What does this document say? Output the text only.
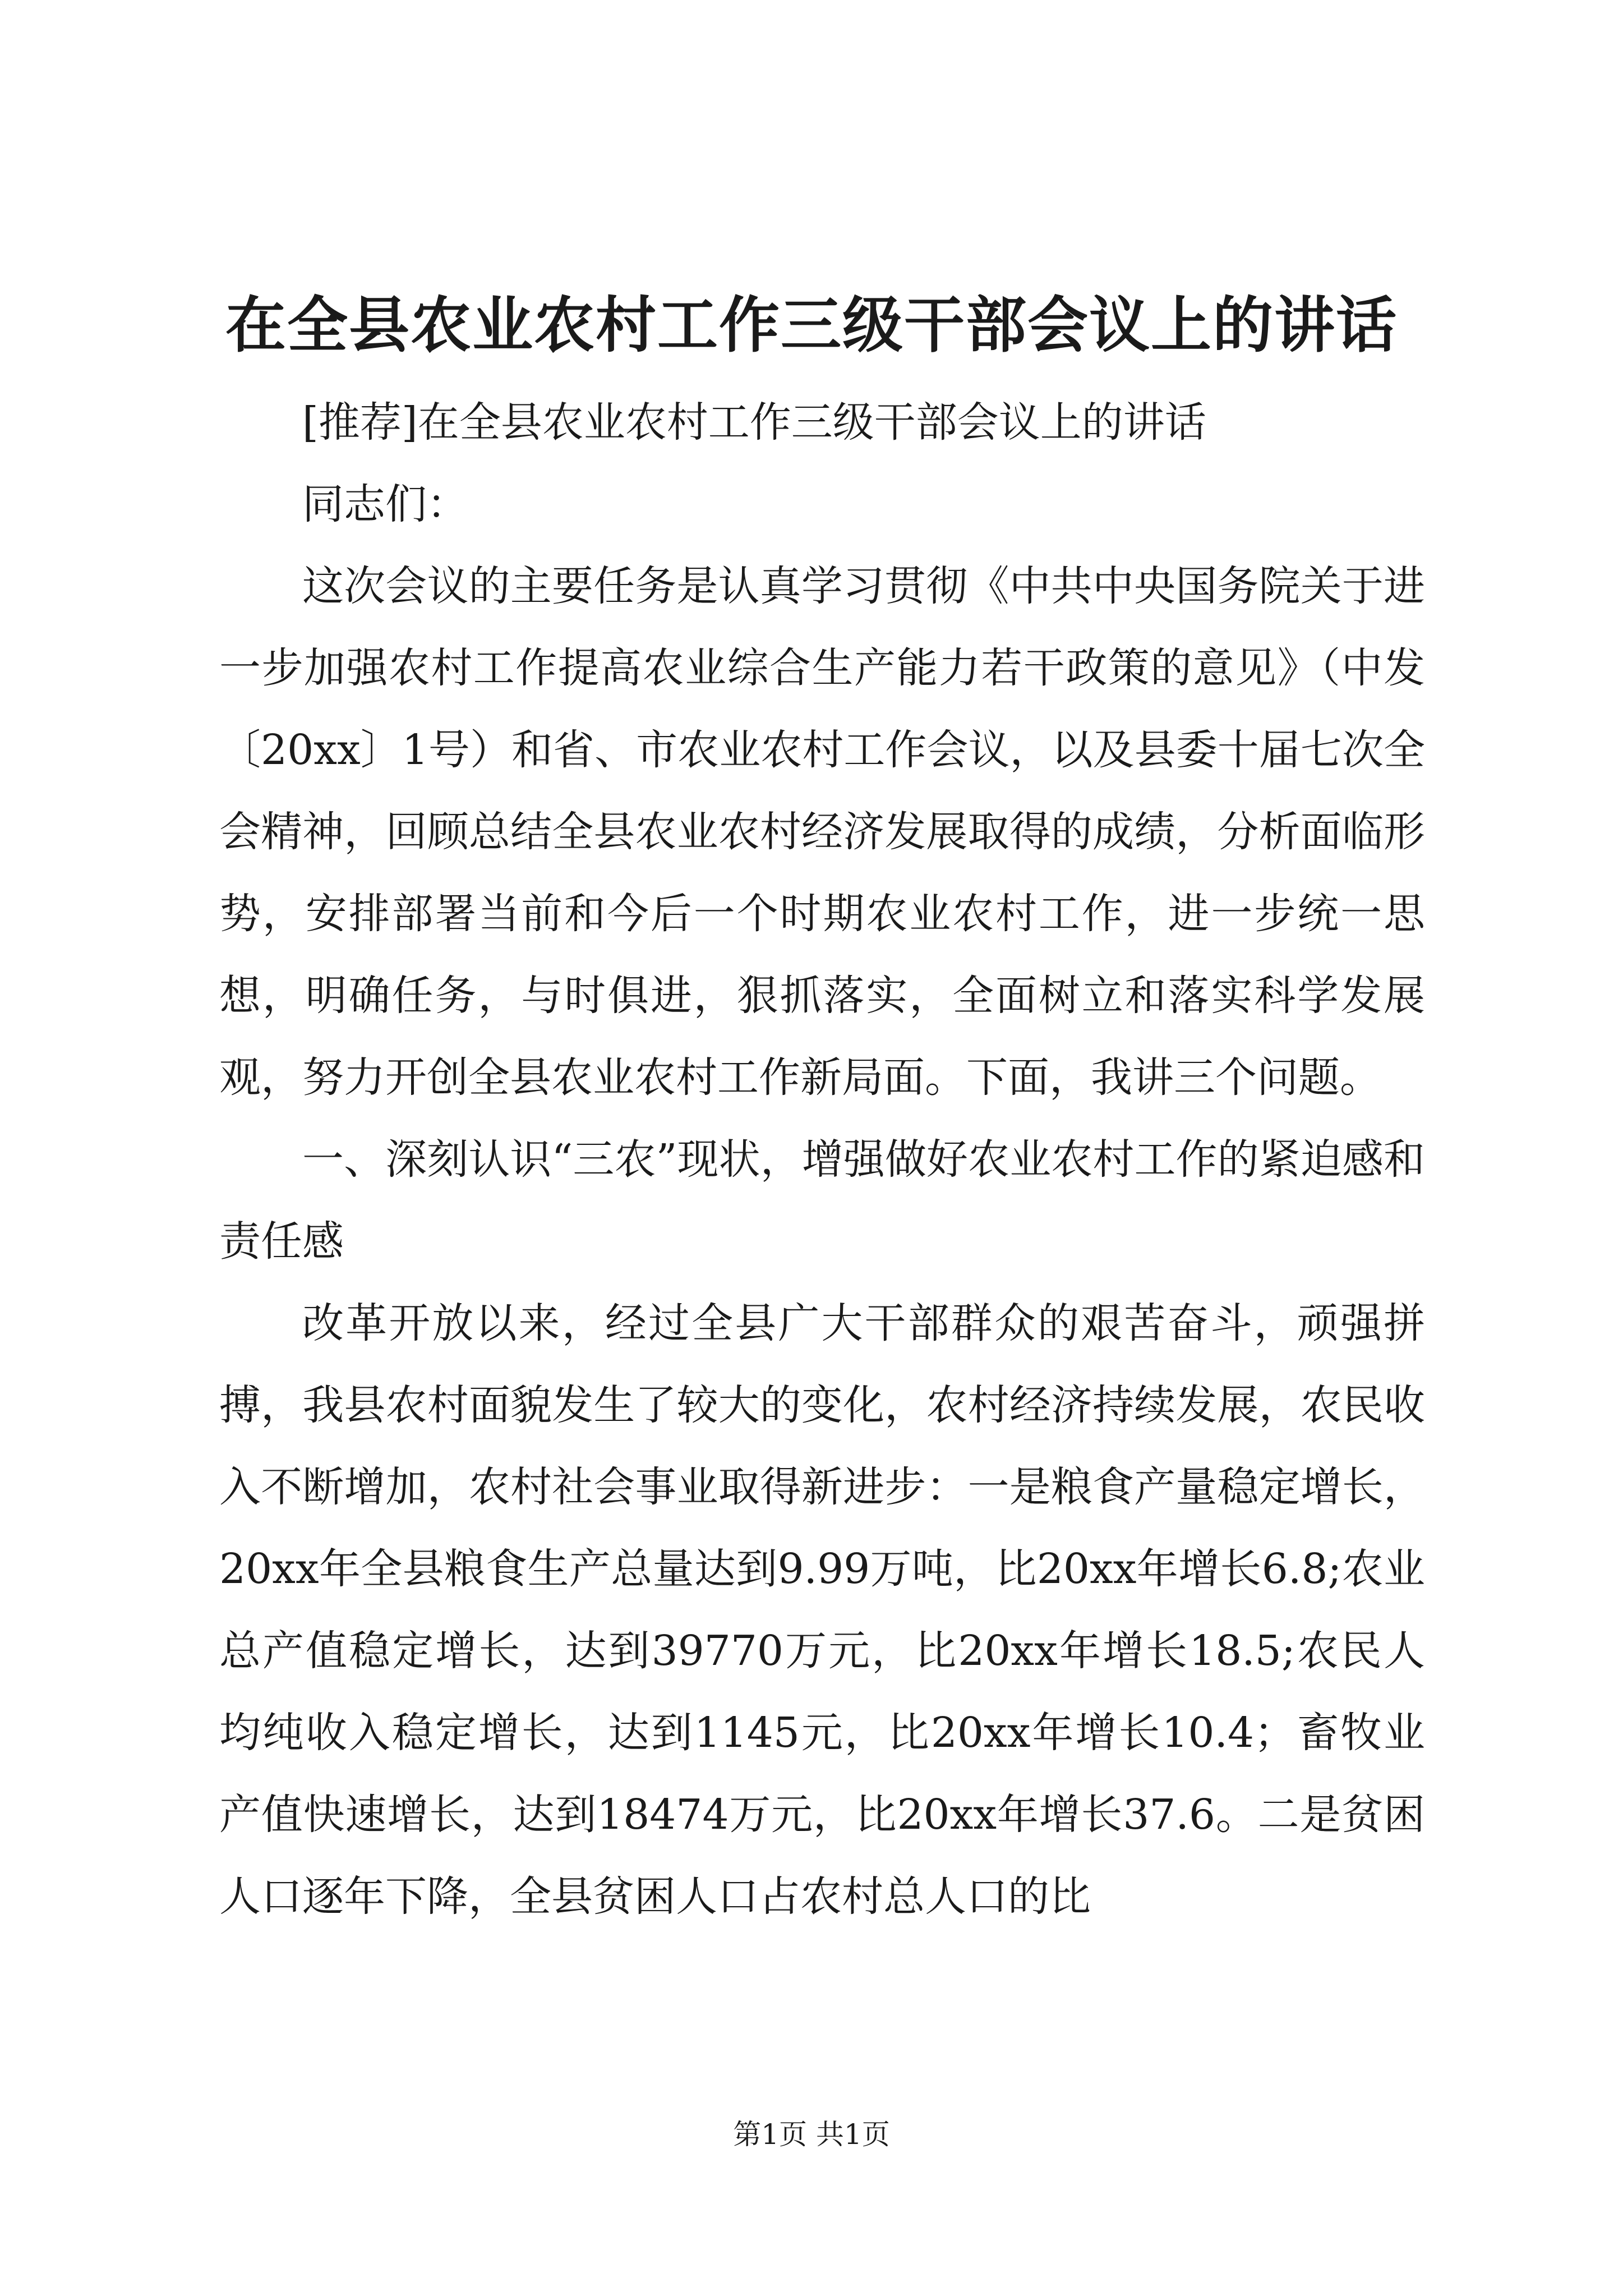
在全县农业农村工作三级干部会议上的讲话

[推荐]在全县农业农村工作三级干部会议上的讲话

同志们：

这次会议的主要任务是认真学习贯彻《中共中央国务院关于进一步加强农村工作提高农业综合生产能力若干政策的意见》（中发〔20xx〕1号）和省、市农业农村工作会议，以及县委十届七次全会精神，回顾总结全县农业农村经济发展取得的成绩，分析面临形势，安排部署当前和今后一个时期农业农村工作，进一步统一思想，明确任务，与时俱进，狠抓落实，全面树立和落实科学发展观，努力开创全县农业农村工作新局面。下面，我讲三个问题。

一、深刻认识“三农”现状，增强做好农业农村工作的紧迫感和责任感

改革开放以来，经过全县广大干部群众的艰苦奋斗，顽强拼搏，我县农村面貌发生了较大的变化，农村经济持续发展，农民收入不断增加，农村社会事业取得新进步：一是粮食产量稳定增长，20xx年全县粮食生产总量达到9.99万吨，比20xx年增长6.8;农业总产值稳定增长，达到39770万元，比20xx年增长18.5;农民人均纯收入稳定增长，达到1145元，比20xx年增长10.4；畜牧业产值快速增长，达到18474万元，比20xx年增长37.6。二是贫困人口逐年下降，全县贫困人口占农村总人口的比

第1页 共1页
